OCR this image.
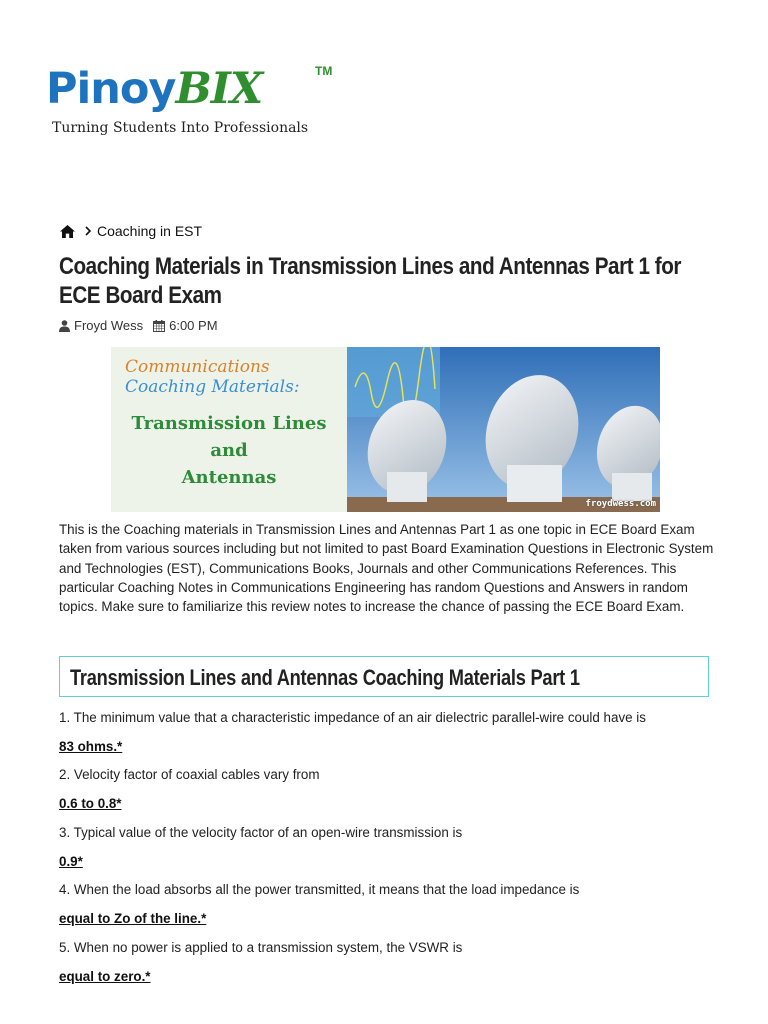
PinoyBIX	TM
Turning Students Into Professionals
Coaching in EST
Coaching Materials in Transmission Lines and Antennas Part 1 for ECE Board Exam
Froyd Wess 6:00 PM
Communications
Coaching Materials:
Transmission Lines
and
Antennas
froydwess.com

This is the Coaching materials in Transmission Lines and Antennas Part 1 as one topic in ECE Board Exam taken from various sources including but not limited to past Board Examination Questions in Electronic System and Technologies (EST), Communications Books, Journals and other Communications References. This particular Coaching Notes in Communications Engineering has random Questions and Answers in random topics. Make sure to familiarize this review notes to increase the chance of passing the ECE Board Exam.

Transmission Lines and Antennas Coaching Materials Part 1
1. The minimum value that a characteristic impedance of an air dielectric parallel-wire could have is
83 ohms.*
2. Velocity factor of coaxial cables vary from
0.6 to 0.8*
3. Typical value of the velocity factor of an open-wire transmission is
0.9*
4. When the load absorbs all the power transmitted, it means that the load impedance is
equal to Zo of the line.*
5. When no power is applied to a transmission system, the VSWR is
equal to zero.*
